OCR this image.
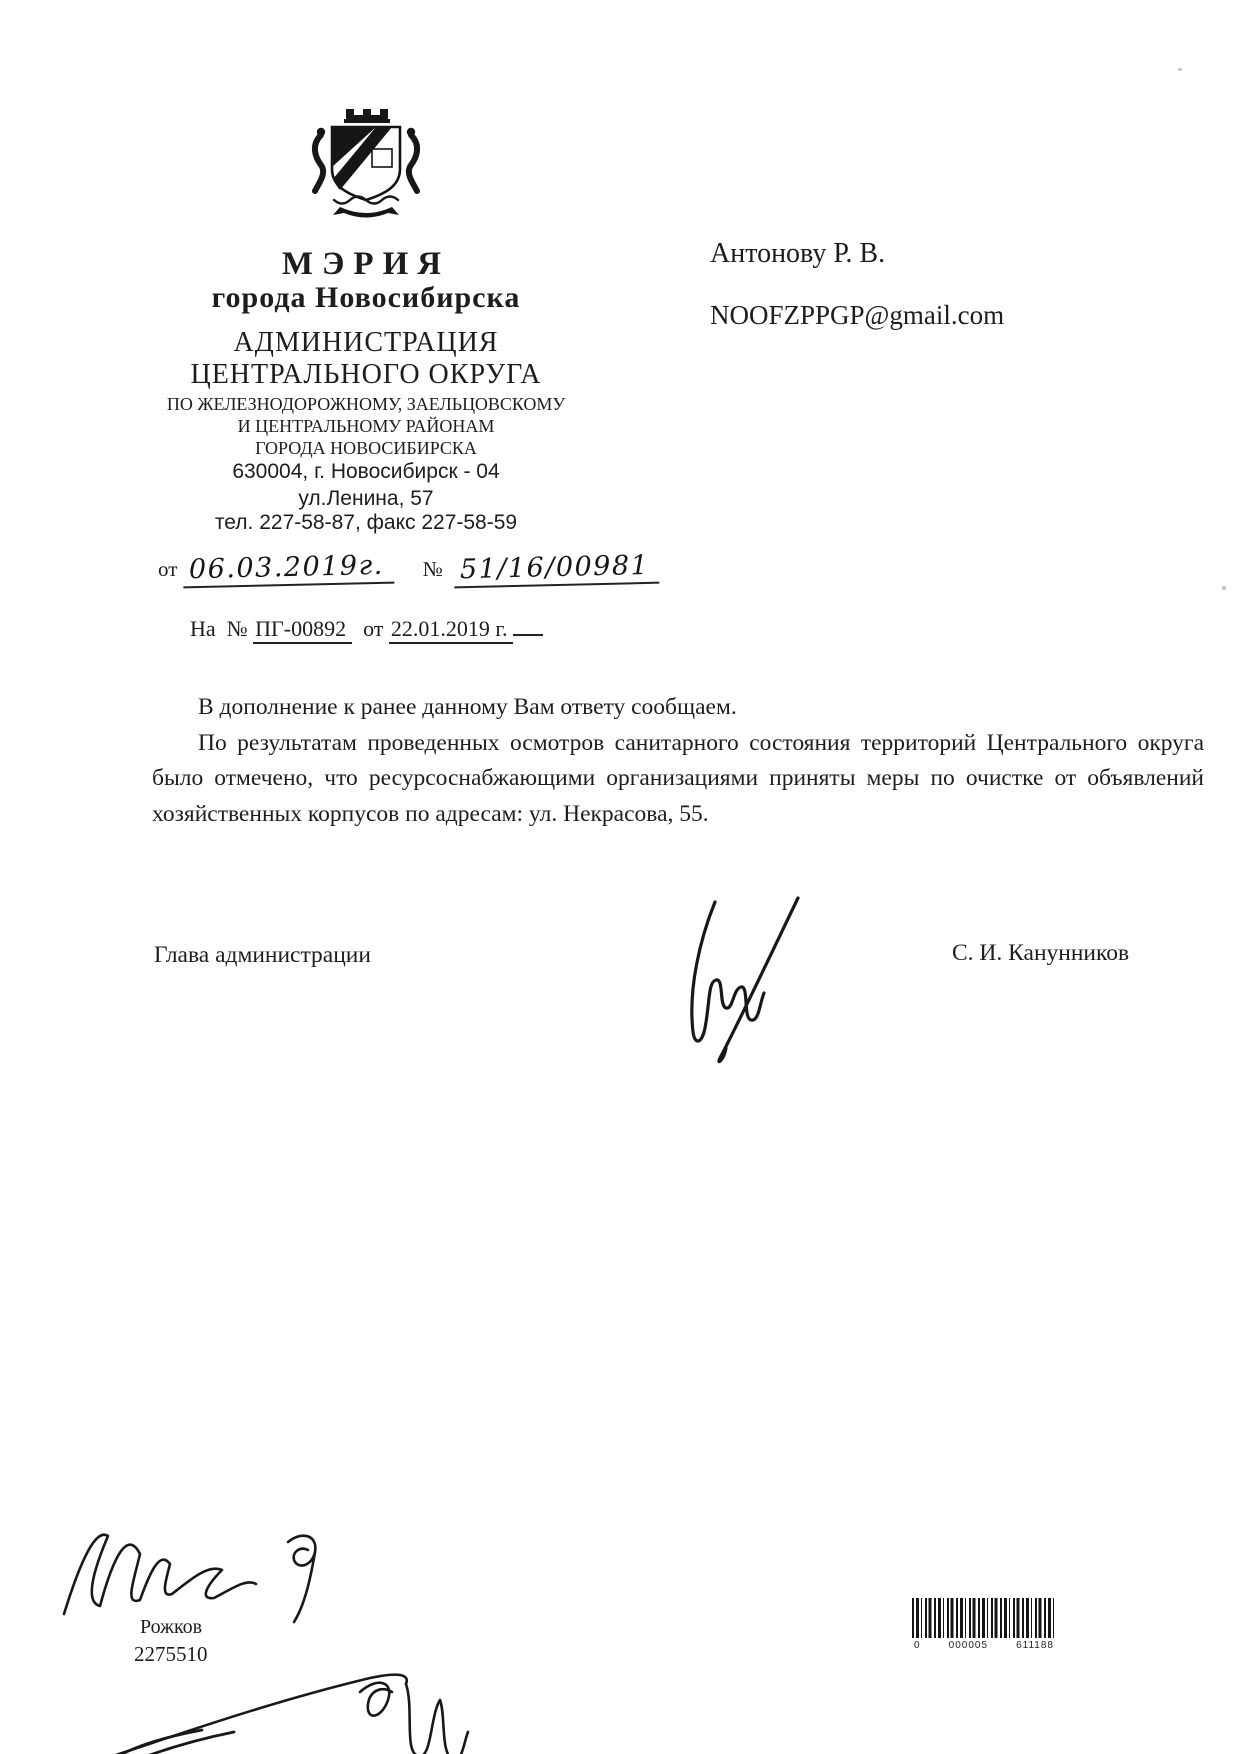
МЭРИЯ
города Новосибирска
АДМИНИСТРАЦИЯ
ЦЕНТРАЛЬНОГО ОКРУГА
ПО ЖЕЛЕЗНОДОРОЖНОМУ, ЗАЕЛЬЦОВСКОМУ
И ЦЕНТРАЛЬНОМУ РАЙОНАМ
ГОРОДА НОВОСИБИРСКА
630004, г. Новосибирск - 04
ул.Ленина, 57
тел. 227-58-87, факс 227-58-59
Антонову Р. В.
NOOFZPPGP@gmail.com
от 06.03.2019г. № 51/16/00981
На № ПГ-00892 от 22.01.2019 г.

В дополнение к ранее данному Вам ответу сообщаем.

По результатам проведенных осмотров санитарного состояния территорий Центрального округа было отмечено, что ресурсоснабжающими организациями приняты меры по очистке от объявлений хозяйственных корпусов по адресам: ул. Некрасова, 55.

Глава администрации	С. И. Канунников
Рожков
2275510	0	000005	611188
